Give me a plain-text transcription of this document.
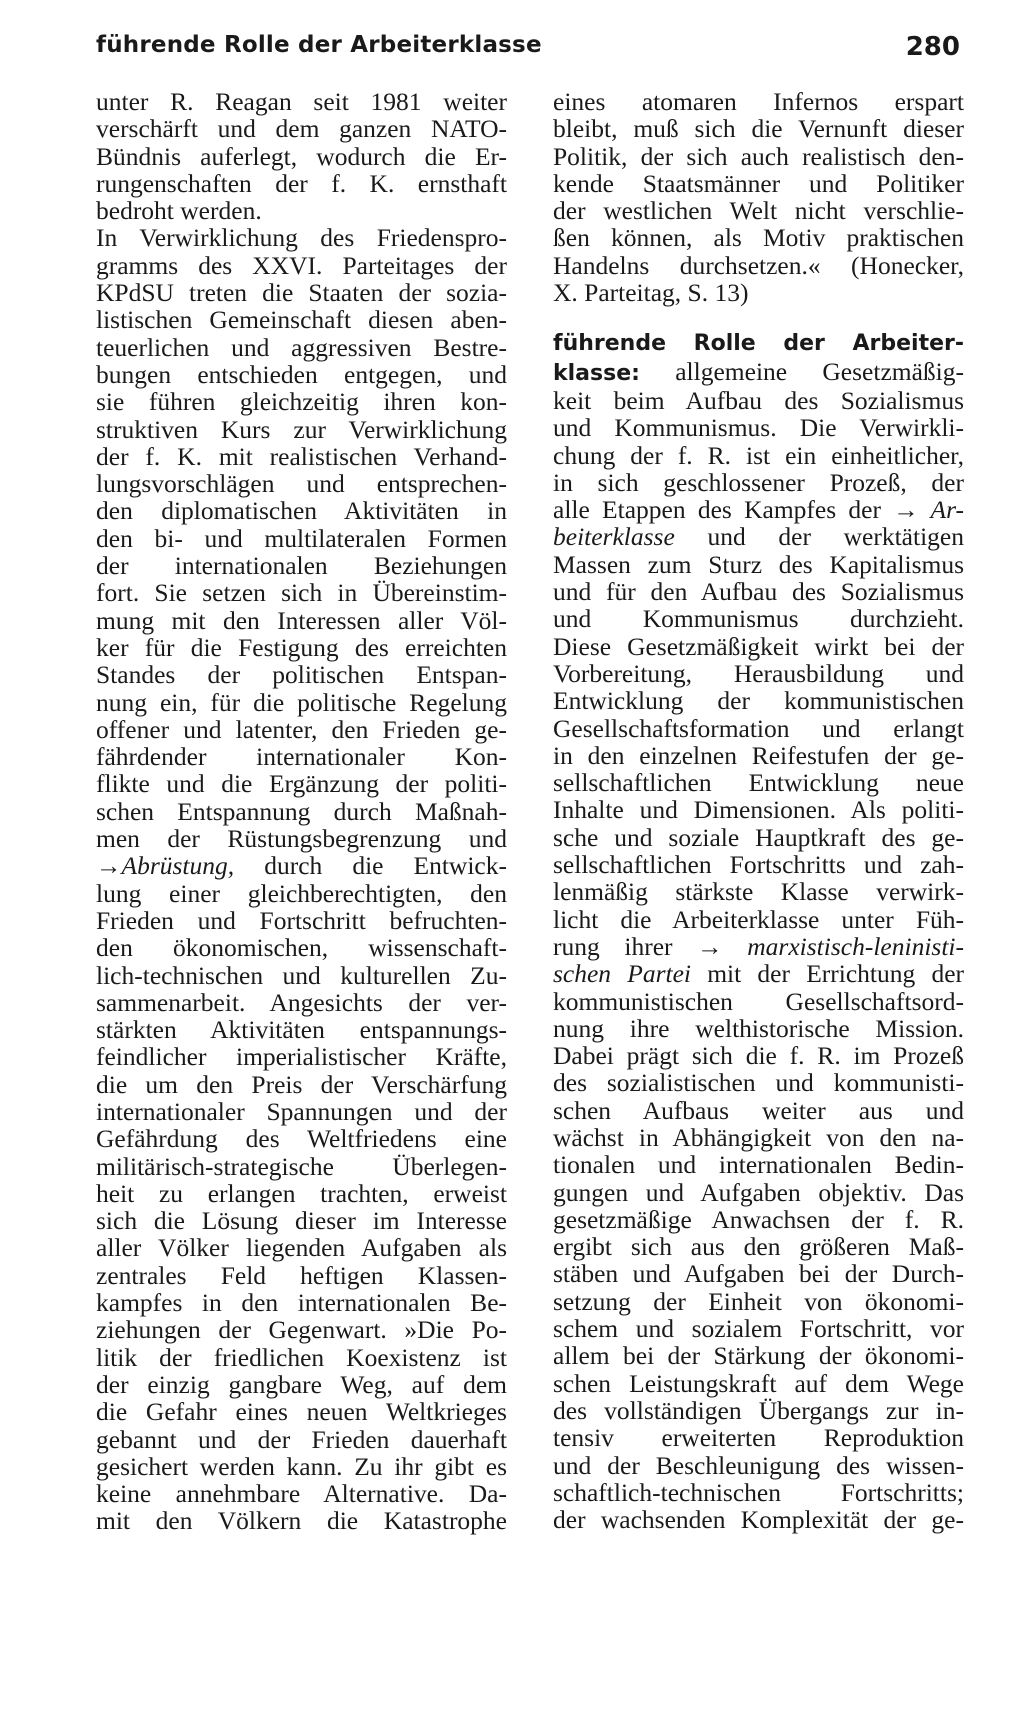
führende Rolle der Arbeiterklasse	280
unter R. Reagan seit 1981 weiter
verschärft und dem ganzen NATO-
Bündnis auferlegt, wodurch die Er-
rungenschaften der f. K. ernsthaft
bedroht werden.
In Verwirklichung des Friedenspro-
gramms des XXVI. Parteitages der
KPdSU treten die Staaten der sozia-
listischen Gemeinschaft diesen aben-
teuerlichen und aggressiven Bestre-
bungen entschieden entgegen, und
sie führen gleichzeitig ihren kon-
struktiven Kurs zur Verwirklichung
der f. K. mit realistischen Verhand-
lungsvorschlägen und entsprechen-
den diplomatischen Aktivitäten in
den bi- und multilateralen Formen
der internationalen Beziehungen
fort. Sie setzen sich in Übereinstim-
mung mit den Interessen aller Völ-
ker für die Festigung des erreichten
Standes der politischen Entspan-
nung ein, für die politische Regelung
offener und latenter, den Frieden ge-
fährdender internationaler Kon-
flikte und die Ergänzung der politi-
schen Entspannung durch Maßnah-
men der Rüstungsbegrenzung und
→Abrüstung, durch die Entwick-
lung einer gleichberechtigten, den
Frieden und Fortschritt befruchten-
den ökonomischen, wissenschaft-
lich-technischen und kulturellen Zu-
sammenarbeit. Angesichts der ver-
stärkten Aktivitäten entspannungs-
feindlicher imperialistischer Kräfte,
die um den Preis der Verschärfung
internationaler Spannungen und der
Gefährdung des Weltfriedens eine
militärisch-strategische Überlegen-
heit zu erlangen trachten, erweist
sich die Lösung dieser im Interesse
aller Völker liegenden Aufgaben als
zentrales Feld heftigen Klassen-
kampfes in den internationalen Be-
ziehungen der Gegenwart. »Die Po-
litik der friedlichen Koexistenz ist
der einzig gangbare Weg, auf dem
die Gefahr eines neuen Weltkrieges
gebannt und der Frieden dauerhaft
gesichert werden kann. Zu ihr gibt es
keine annehmbare Alternative. Da-
mit den Völkern die Katastrophe
eines atomaren Infernos erspart
bleibt, muß sich die Vernunft dieser
Politik, der sich auch realistisch den-
kende Staatsmänner und Politiker
der westlichen Welt nicht verschlie-
ßen können, als Motiv praktischen
Handelns durchsetzen.« (Honecker,
X. Parteitag, S. 13)
führende Rolle der Arbeiter-
klasse: allgemeine Gesetzmäßig-
keit beim Aufbau des Sozialismus
und Kommunismus. Die Verwirkli-
chung der f. R. ist ein einheitlicher,
in sich geschlossener Prozeß, der
alle Etappen des Kampfes der → Ar-
beiterklasse und der werktätigen
Massen zum Sturz des Kapitalismus
und für den Aufbau des Sozialismus
und Kommunismus durchzieht.
Diese Gesetzmäßigkeit wirkt bei der
Vorbereitung, Herausbildung und
Entwicklung der kommunistischen
Gesellschaftsformation und erlangt
in den einzelnen Reifestufen der ge-
sellschaftlichen Entwicklung neue
Inhalte und Dimensionen. Als politi-
sche und soziale Hauptkraft des ge-
sellschaftlichen Fortschritts und zah-
lenmäßig stärkste Klasse verwirk-
licht die Arbeiterklasse unter Füh-
rung ihrer → marxistisch-leninisti-
schen Partei mit der Errichtung der
kommunistischen Gesellschaftsord-
nung ihre welthistorische Mission.
Dabei prägt sich die f. R. im Prozeß
des sozialistischen und kommunisti-
schen Aufbaus weiter aus und
wächst in Abhängigkeit von den na-
tionalen und internationalen Bedin-
gungen und Aufgaben objektiv. Das
gesetzmäßige Anwachsen der f. R.
ergibt sich aus den größeren Maß-
stäben und Aufgaben bei der Durch-
setzung der Einheit von ökonomi-
schem und sozialem Fortschritt, vor
allem bei der Stärkung der ökonomi-
schen Leistungskraft auf dem Wege
des vollständigen Übergangs zur in-
tensiv erweiterten Reproduktion
und der Beschleunigung des wissen-
schaftlich-technischen Fortschritts;
der wachsenden Komplexität der ge-
